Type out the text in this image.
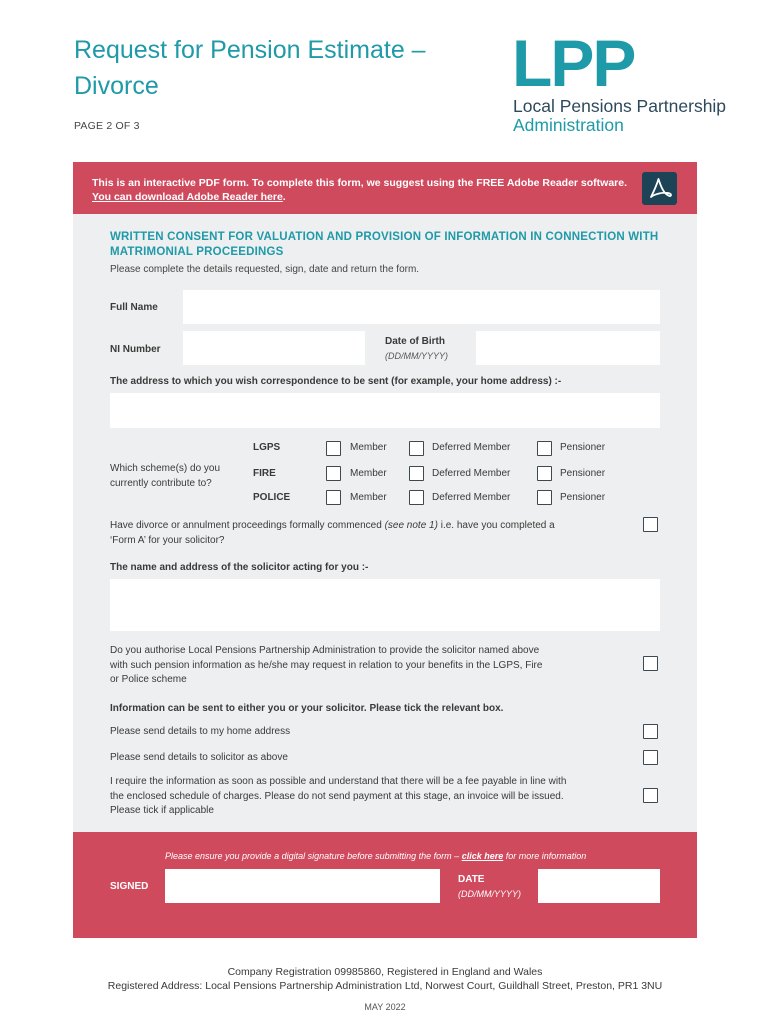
Request for Pension Estimate – Divorce
PAGE 2 OF 3
LPP
Local Pensions Partnership
Administration
This is an interactive PDF form. To complete this form, we suggest using the FREE Adobe Reader software.
You can download Adobe Reader here.
WRITTEN CONSENT FOR VALUATION AND PROVISION OF INFORMATION IN CONNECTION WITH MATRIMONIAL PROCEEDINGS
Please complete the details requested, sign, date and return the form.
Full Name
NI Number
Date of Birth
(DD/MM/YYYY)
The address to which you wish correspondence to be sent (for example, your home address) :-
Which scheme(s) do you currently contribute to?
LGPS	Member	Deferred Member	Pensioner
FIRE	Member	Deferred Member	Pensioner
POLICE	Member	Deferred Member	Pensioner
Have divorce or annulment proceedings formally commenced (see note 1) i.e. have you completed a
‘Form A’ for your solicitor?
The name and address of the solicitor acting for you :-
Do you authorise Local Pensions Partnership Administration to provide the solicitor named above
with such pension information as he/she may request in relation to your benefits in the LGPS, Fire
or Police scheme
Information can be sent to either you or your solicitor. Please tick the relevant box.
Please send details to my home address
Please send details to solicitor as above
I require the information as soon as possible and understand that there will be a fee payable in line with
the enclosed schedule of charges. Please do not send payment at this stage, an invoice will be issued.
Please tick if applicable
Please ensure you provide a digital signature before submitting the form – click here for more information
SIGNED
DATE
(DD/MM/YYYY)
Company Registration 09985860, Registered in England and Wales
Registered Address: Local Pensions Partnership Administration Ltd, Norwest Court, Guildhall Street, Preston, PR1 3NU
MAY 2022
